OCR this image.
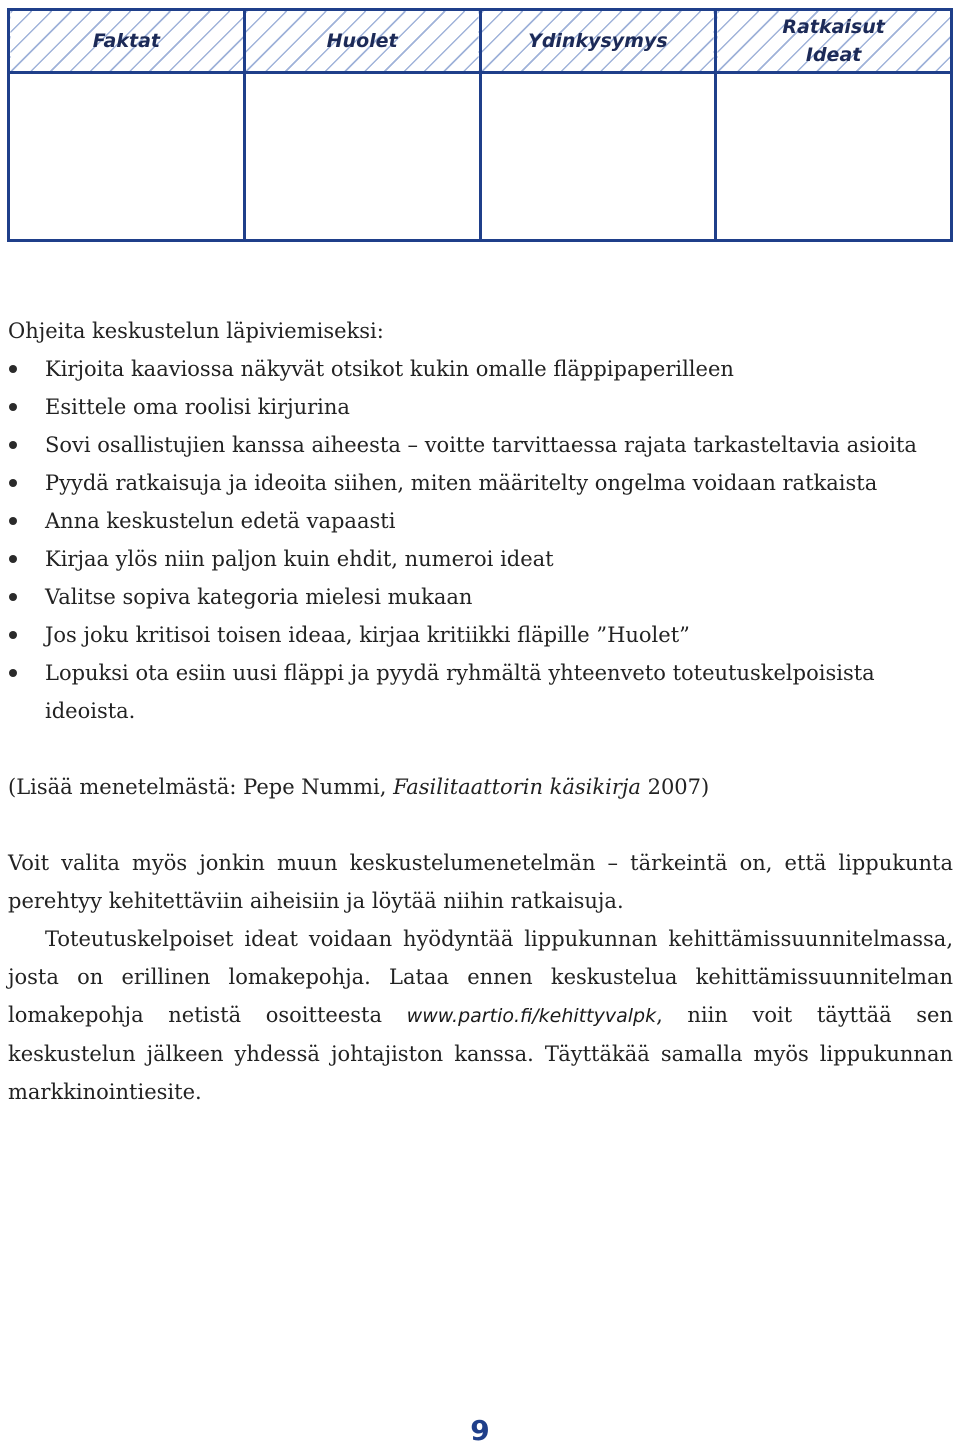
Faktat	Huolet	Ydinkysymys	Ratkaisut
Ideat

Ohjeita keskustelun läpiviemiseksi:

Kirjoita kaaviossa näkyvät otsikot kukin omalle fläppipaperilleen
Esittele oma roolisi kirjurina
Sovi osallistujien kanssa aiheesta – voitte tarvittaessa rajata tarkasteltavia asioita
Pyydä ratkaisuja ja ideoita siihen, miten määritelty ongelma voidaan ratkaista
Anna keskustelun edetä vapaasti
Kirjaa ylös niin paljon kuin ehdit, numeroi ideat
Valitse sopiva kategoria mielesi mukaan
Jos joku kritisoi toisen ideaa, kirjaa kritiikki fläpille ”Huolet”
Lopuksi ota esiin uusi fläppi ja pyydä ryhmältä yhteenveto toteutuskelpoisista ideoista.

(Lisää menetelmästä: Pepe Nummi, Fasilitaattorin käsikirja 2007)

Voit valita myös jonkin muun keskustelumenetelmän – tärkeintä on, että lippukunta perehtyy kehitettäviin aiheisiin ja löytää niihin ratkaisuja.

Toteutuskelpoiset ideat voidaan hyödyntää lippukunnan kehittämissuunnitelmassa, josta on erillinen lomakepohja. Lataa ennen keskustelua kehittämissuunnitelman lomakepohja netistä osoitteesta www.partio.fi/kehittyvalpk, niin voit täyttää sen keskustelun jälkeen yhdessä johtajiston kanssa. Täyttäkää samalla myös lippukunnan markkinointiesite.

9
